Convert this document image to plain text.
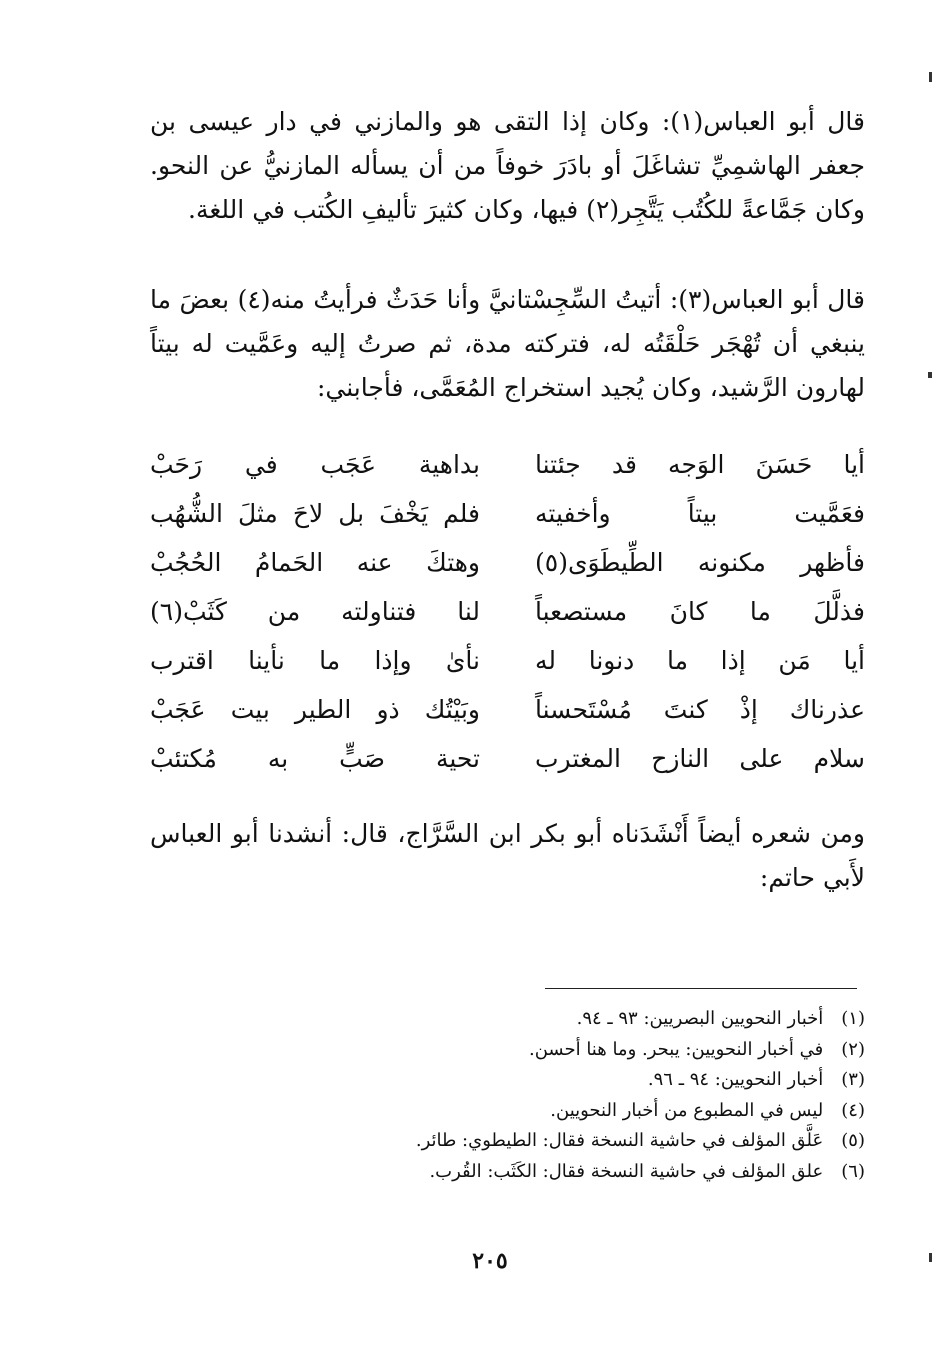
قال أبو العباس(١): وكان إذا التقى هو والمازني في دار عيسى بن جعفر الهاشمِيِّ تشاغَلَ أو بادَرَ خوفاً من أن يسأله المازنيُّ عن النحو. وكان جَمَّاعةً للكُتُب يَتَّجِر(٢) فيها، وكان كثيرَ تأليفِ الكُتب في اللغة.
قال أبو العباس(٣): أتيتُ السِّجِسْتانيَّ وأنا حَدَثٌ فرأيتُ منه(٤) بعضَ ما ينبغي أن تُهْجَر حَلْقَتُه له، فتركته مدة، ثم صرتُ إليه وعَمَّيت له بيتاً لهارون الرَّشيد، وكان يُجيد استخراج المُعَمَّى، فأجابني:
أيا حَسَنَ الوَجه قد جئتنا
بداهية عَجَب في رَحَبْ
فعَمَّيت بيتاً وأخفيته
فلم يَخْفَ بل لاحَ مثلَ الشُّهُب
فأظهر مكنونه الطِّيطَوَى(٥)
وهتكَ عنه الحَمامُ الحُجُبْ
فذلَّلَ ما كانَ مستصعباً
لنا فتناولته من كَثَبْ(٦)
أيا مَن إذا ما دنونا له
نأىٰ وإذا ما نأينا اقترب
عذرناك إذْ كنتَ مُسْتَحسناً
وبَيْتُك ذو الطير بيت عَجَبْ
سلام على النازح المغترب
تحية صَبٍّ به مُكتئبْ
ومن شعره أيضاً أَنْشَدَناه أبو بكر ابن السَّرَّاج، قال: أنشدنا أبو العباس لأَبي حاتم:
(١) أخبار النحويين البصريين: ٩٣ ـ ٩٤.
(٢) في أخبار النحويين: يبحر. وما هنا أحسن.
(٣) أخبار النحويين: ٩٤ ـ ٩٦.
(٤) ليس في المطبوع من أخبار النحويين.
(٥) عَلَّق المؤلف في حاشية النسخة فقال: الطيطوي: طائر.
(٦) علق المؤلف في حاشية النسخة فقال: الكَثَب: القُرب.
٢٠٥
